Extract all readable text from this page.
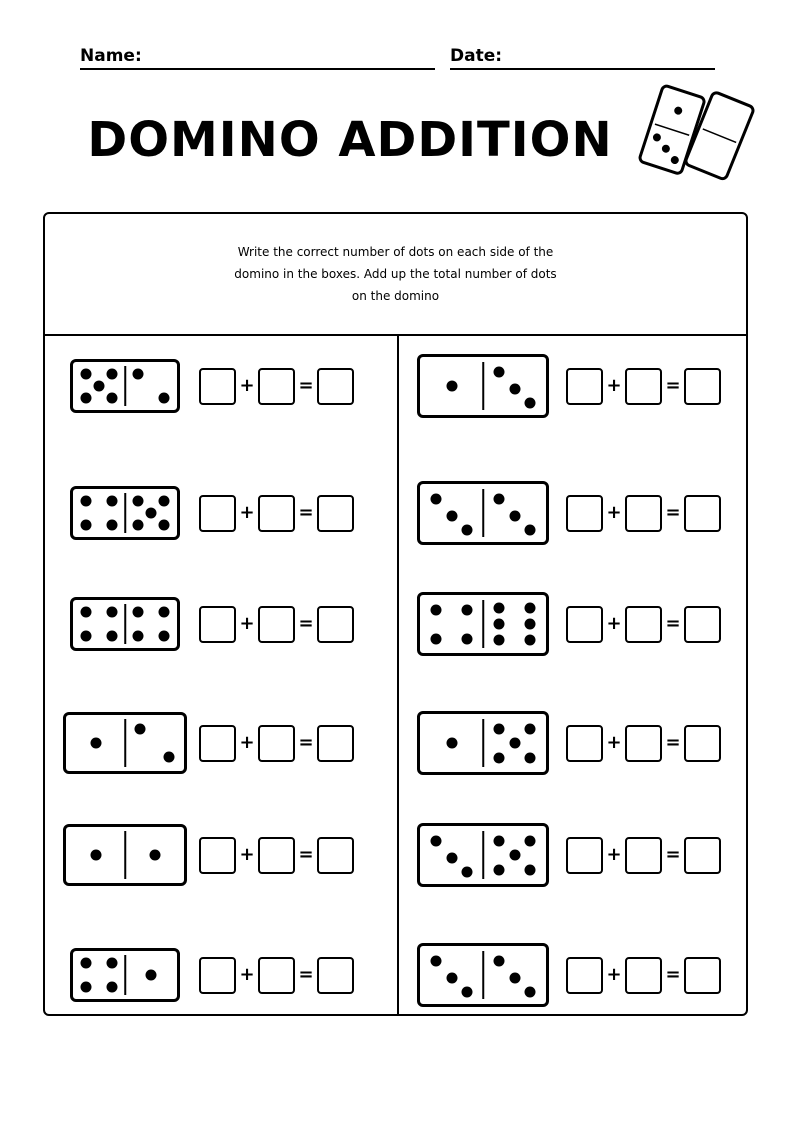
Name:	Date:
DOMINO ADDITION

Write the correct number of dots on each side of the domino in the boxes. Add up the total number of dots on the domino

+ =
+ =
+ =
+ =
+ =
+ =
+ =
+ =
+ =
+ =
+ =
+ =
